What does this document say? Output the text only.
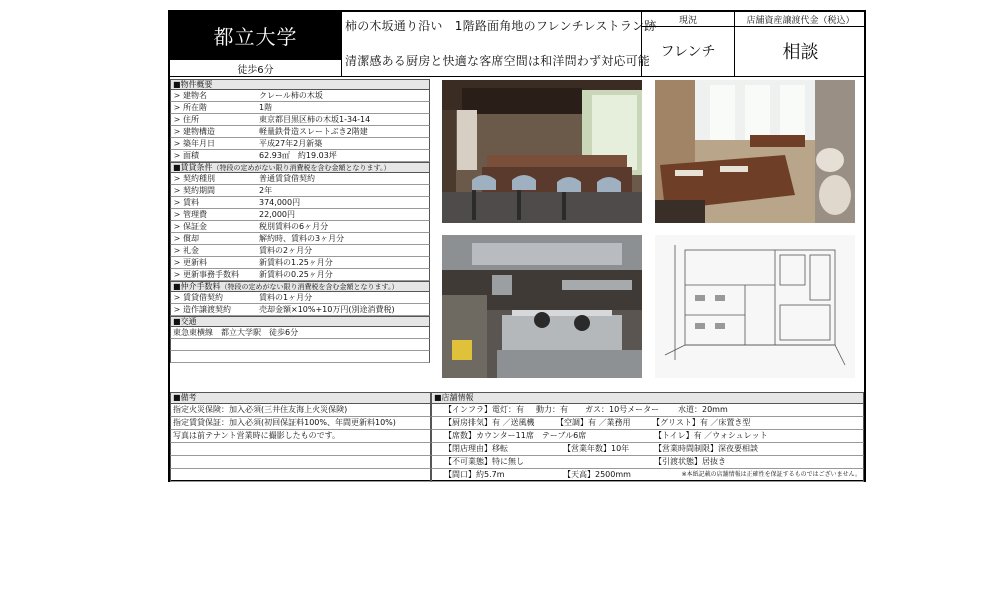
都立大学
徒歩6分
柿の木坂通り沿い　1階路面角地のフレンチレストラン跡
清潔感ある厨房と快適な客席空間は和洋問わず対応可能
現況
フレンチ
店舗資産譲渡代金（税込）
相談
■物件概要
> 建物名	クレール柿の木坂
> 所在階	1階
> 住所	東京都目黒区柿の木坂1-34-14
> 建物構造	軽量鉄骨造スレートぶき2階建
> 築年月日	平成27年2月新築
> 面積	62.93㎡　約19.03坪
■賃貸条件（特段の定めがない限り消費税を含む金額となります。）
> 契約種別	普通賃貸借契約
> 契約期間	2年
> 賃料	374,000円
> 管理費	22,000円
> 保証金	税別賃料の6ヶ月分
> 償却	解約時、賃料の3ヶ月分
> 礼金	賃料の2ヶ月分
> 更新料	新賃料の1.25ヶ月分
> 更新事務手数料	新賃料の0.25ヶ月分
■仲介手数料（特段の定めがない限り消費税を含む金額となります。）
> 賃貸借契約	賃料の1ヶ月分
> 造作譲渡契約	売却金額×10%+10万円(別途消費税)
■交通
東急東横線　都立大学駅　徒歩6分
■備考
指定火災保険：加入必須(三井住友海上火災保険)
指定賃貸保証：加入必須(初回保証料100%、年間更新料10%)
写真は前テナント営業時に撮影したものです。
■店舗情報
【インフラ】電灯：有 動力：有 ガス：10号メーター 水道：20mm
【厨房排気】有 ／送風機	【空調】有 ／業務用	【グリスト】有 ／床置き型
【席数】カウンター11席　テーブル6席	【トイレ】有 ／ウォシュレット
【閉店理由】移転	【営業年数】10年	【営業時間制限】深夜要相談
【不可業態】特に無し	【引渡状態】居抜き
【間口】約5.7m	【天高】2500mm	※本紙記載の店舗情報は正確性を保証するものではございません。
